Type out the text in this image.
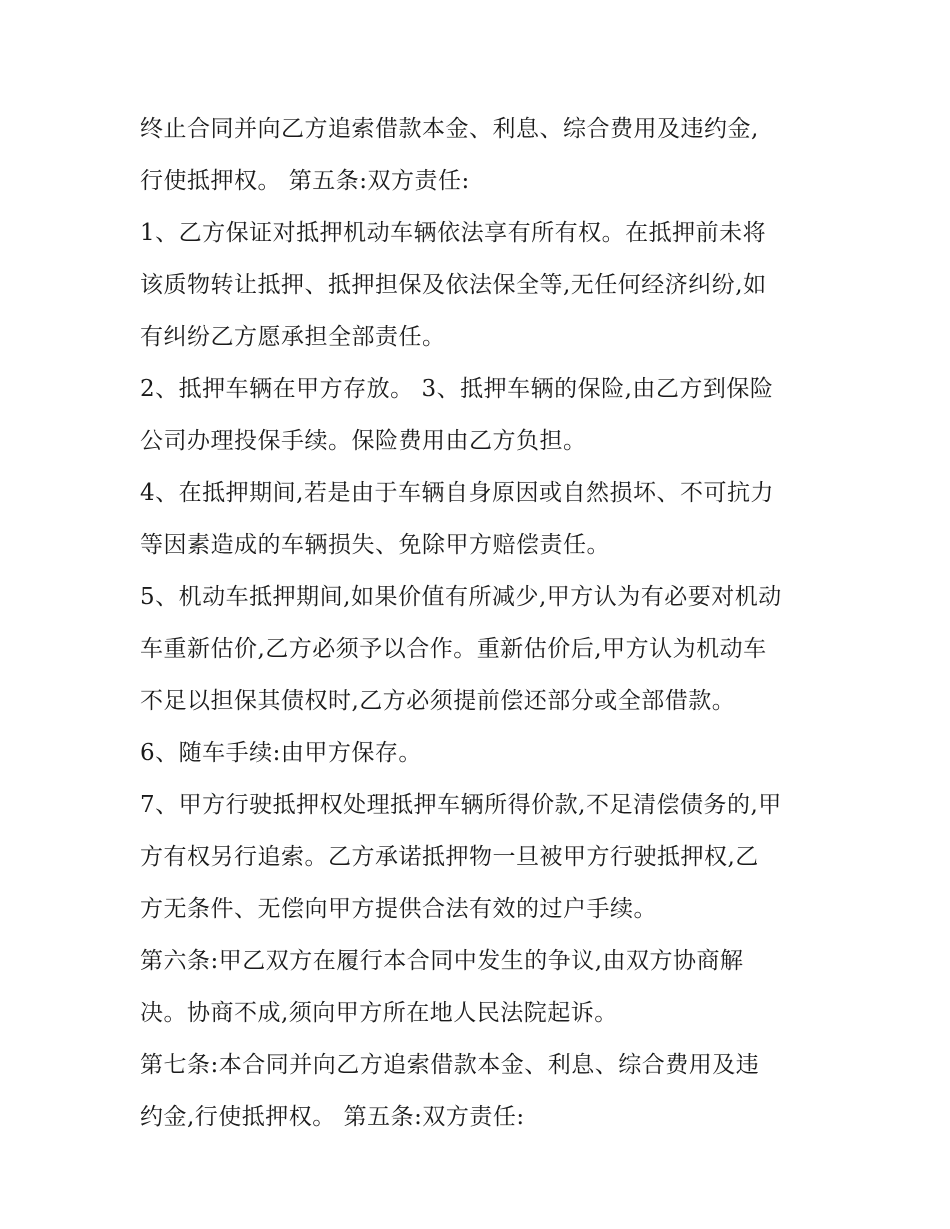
终止合同并向乙方追索借款本金、利息、综合费用及违约金,
行使抵押权。 第五条:双方责任:

1、乙方保证对抵押机动车辆依法享有所有权。在抵押前未将
该质物转让抵押、抵押担保及依法保全等,无任何经济纠纷,如
有纠纷乙方愿承担全部责任。

2、抵押车辆在甲方存放。 3、抵押车辆的保险,由乙方到保险
公司办理投保手续。保险费用由乙方负担。

4、在抵押期间,若是由于车辆自身原因或自然损坏、不可抗力
等因素造成的车辆损失、免除甲方赔偿责任。

5、机动车抵押期间,如果价值有所减少,甲方认为有必要对机动
车重新估价,乙方必须予以合作。重新估价后,甲方认为机动车
不足以担保其债权时,乙方必须提前偿还部分或全部借款。

6、随车手续:由甲方保存。

7、甲方行驶抵押权处理抵押车辆所得价款,不足清偿债务的,甲
方有权另行追索。乙方承诺抵押物一旦被甲方行驶抵押权,乙
方无条件、无偿向甲方提供合法有效的过户手续。

第六条:甲乙双方在履行本合同中发生的争议,由双方协商解
决。协商不成,须向甲方所在地人民法院起诉。

第七条:本合同并向乙方追索借款本金、利息、综合费用及违
约金,行使抵押权。 第五条:双方责任:
